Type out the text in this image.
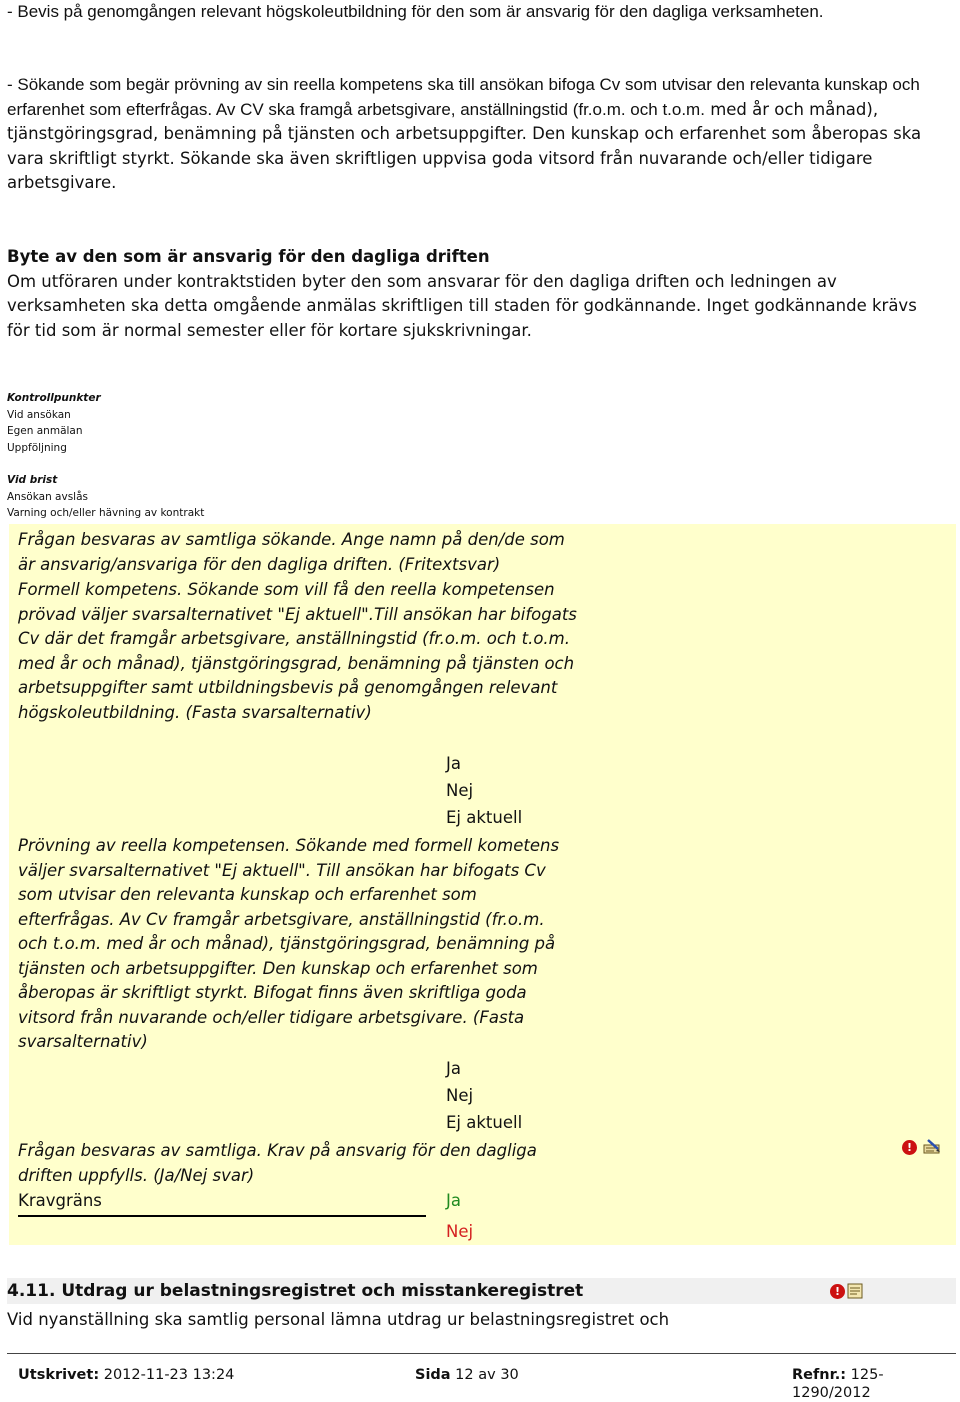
- Bevis på genomgången relevant högskoleutbildning för den som är ansvarig för den dagliga verksamheten.

- Sökande som begär prövning av sin reella kompetens ska till ansökan bifoga Cv som utvisar den relevanta kunskap och erfarenhet som efterfrågas. Av CV ska framgå arbetsgivare, anställningstid (fr.o.m. och t.o.m. med år och månad), tjänstgöringsgrad, benämning på tjänsten och arbetsuppgifter. Den kunskap och erfarenhet som åberopas ska vara skriftligt styrkt. Sökande ska även skriftligen uppvisa goda vitsord från nuvarande och/eller tidigare arbetsgivare.

Byte av den som är ansvarig för den dagliga driften
Om utföraren under kontraktstiden byter den som ansvarar för den dagliga driften och ledningen av verksamheten ska detta omgående anmälas skriftligen till staden för godkännande. Inget godkännande krävs för tid som är normal semester eller för kortare sjukskrivningar.

Kontrollpunkter
Vid ansökan
Egen anmälan
Uppföljning
Vid brist
Ansökan avslås
Varning och/eller hävning av kontrakt

Frågan besvaras av samtliga sökande. Ange namn på den/de som är ansvarig/ansvariga för den dagliga driften. (Fritextsvar)

Formell kompetens. Sökande som vill få den reella kompetensen prövad väljer svarsalternativet "Ej aktuell".Till ansökan har bifogats Cv där det framgår arbetsgivare, anställningstid (fr.o.m. och t.o.m. med år och månad), tjänstgöringsgrad, benämning på tjänsten och arbetsuppgifter samt utbildningsbevis på genomgången relevant högskoleutbildning. (Fasta svarsalternativ)

Ja
Nej
Ej aktuell

Prövning av reella kompetensen. Sökande med formell kometens väljer svarsalternativet "Ej aktuell". Till ansökan har bifogats Cv som utvisar den relevanta kunskap och erfarenhet som efterfrågas. Av Cv framgår arbetsgivare, anställningstid (fr.o.m. och t.o.m. med år och månad), tjänstgöringsgrad, benämning på tjänsten och arbetsuppgifter. Den kunskap och erfarenhet som åberopas är skriftligt styrkt. Bifogat finns även skriftliga goda vitsord från nuvarande och/eller tidigare arbetsgivare. (Fasta svarsalternativ)

Ja
Nej
Ej aktuell

Frågan besvaras av samtliga. Krav på ansvarig för den dagliga driften uppfylls. (Ja/Nej svar)

!
Kravgräns	Ja
Nej
4.11. Utdrag ur belastningsregistret och misstankeregistret	!

Vid nyanställning ska samtlig personal lämna utdrag ur belastningsregistret och

Utskrivet: 2012-11-23 13:24	Sida 12 av 30	Refnr.: 125-1290/2012
